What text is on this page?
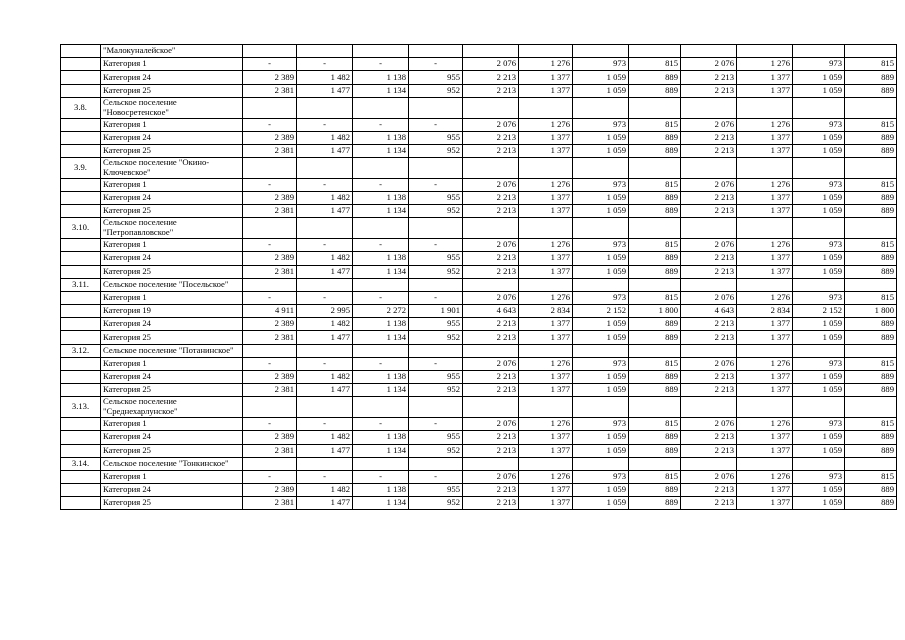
	"Малокуналейское"												
	Категория 1	-	-	-	-	2 076	1 276	973	815	2 076	1 276	973	815
	Категория 24	2 389	1 482	1 138	955	2 213	1 377	1 059	889	2 213	1 377	1 059	889
	Категория 25	2 381	1 477	1 134	952	2 213	1 377	1 059	889	2 213	1 377	1 059	889
3.8.	Сельское поселение "Новосретенское"												
	Категория 1	-	-	-	-	2 076	1 276	973	815	2 076	1 276	973	815
	Категория 24	2 389	1 482	1 138	955	2 213	1 377	1 059	889	2 213	1 377	1 059	889
	Категория 25	2 381	1 477	1 134	952	2 213	1 377	1 059	889	2 213	1 377	1 059	889
3.9.	Сельское поселение "Окино-Ключевское"												
	Категория 1	-	-	-	-	2 076	1 276	973	815	2 076	1 276	973	815
	Категория 24	2 389	1 482	1 138	955	2 213	1 377	1 059	889	2 213	1 377	1 059	889
	Категория 25	2 381	1 477	1 134	952	2 213	1 377	1 059	889	2 213	1 377	1 059	889
3.10.	Сельское поселение "Петропавловское"												
	Категория 1	-	-	-	-	2 076	1 276	973	815	2 076	1 276	973	815
	Категория 24	2 389	1 482	1 138	955	2 213	1 377	1 059	889	2 213	1 377	1 059	889
	Категория 25	2 381	1 477	1 134	952	2 213	1 377	1 059	889	2 213	1 377	1 059	889
3.11.	Сельское поселение "Посельское"												
	Категория 1	-	-	-	-	2 076	1 276	973	815	2 076	1 276	973	815
	Категория 19	4 911	2 995	2 272	1 901	4 643	2 834	2 152	1 800	4 643	2 834	2 152	1 800
	Категория 24	2 389	1 482	1 138	955	2 213	1 377	1 059	889	2 213	1 377	1 059	889
	Категория 25	2 381	1 477	1 134	952	2 213	1 377	1 059	889	2 213	1 377	1 059	889
3.12.	Сельское поселение "Потанинское"												
	Категория 1	-	-	-	-	2 076	1 276	973	815	2 076	1 276	973	815
	Категория 24	2 389	1 482	1 138	955	2 213	1 377	1 059	889	2 213	1 377	1 059	889
	Категория 25	2 381	1 477	1 134	952	2 213	1 377	1 059	889	2 213	1 377	1 059	889
3.13.	Сельское поселение "Среднехарлунское"												
	Категория 1	-	-	-	-	2 076	1 276	973	815	2 076	1 276	973	815
	Категория 24	2 389	1 482	1 138	955	2 213	1 377	1 059	889	2 213	1 377	1 059	889
	Категория 25	2 381	1 477	1 134	952	2 213	1 377	1 059	889	2 213	1 377	1 059	889
3.14.	Сельское поселение "Тонкинское"												
	Категория 1	-	-	-	-	2 076	1 276	973	815	2 076	1 276	973	815
	Категория 24	2 389	1 482	1 138	955	2 213	1 377	1 059	889	2 213	1 377	1 059	889
	Категория 25	2 381	1 477	1 134	952	2 213	1 377	1 059	889	2 213	1 377	1 059	889
